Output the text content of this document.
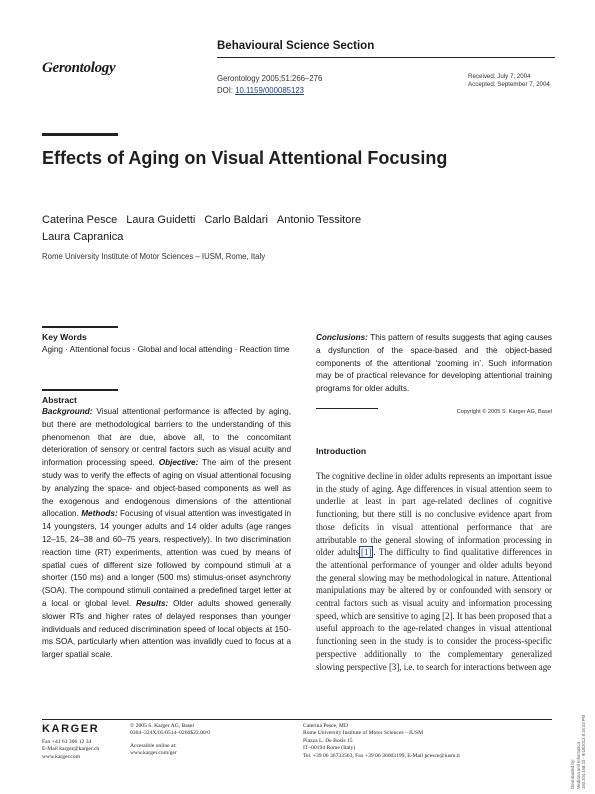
Behavioural Science Section
Gerontology
Gerontology 2005;51:266–276
DOI: 10.1159/000085123
Received: July 7, 2004
Accepted: September 7, 2004
Effects of Aging on Visual Attentional Focusing
Caterina Pesce Laura Guidetti Carlo Baldari Antonio Tessitore
Laura Capranica
Rome University Institute of Motor Sciences – IUSM, Rome, Italy
Key Words
Aging · Attentional focus · Global and local attending · Reaction time
Abstract
Background: Visual attentional performance is affected by aging, but there are methodological barriers to the understanding of this phenomenon that are due, above all, to the concomitant deterioration of sensory or central factors such as visual acuity and information processing speed. Objective: The aim of the present study was to verify the effects of aging on visual attentional focusing by analyzing the space- and object-based components as well as the exogenous and endogenous dimensions of the attentional allocation. Methods: Focusing of visual attention was investigated in 14 youngsters, 14 younger adults and 14 older adults (age ranges 12–15, 24–38 and 60–75 years, respectively). In two discrimination reaction time (RT) experiments, attention was cued by means of spatial cues of different size followed by compound stimuli at a shorter (150 ms) and a longer (500 ms) stimulus-onset asynchrony (SOA). The compound stimuli contained a predefined target letter at a local or global level. Results: Older adults showed generally slower RTs and higher rates of delayed responses than younger individuals and reduced discrimination speed of local objects at 150-ms SOA, particularly when attention was invalidly cued to focus at a larger spatial scale.
Conclusions: This pattern of results suggests that aging causes a dysfunction of the space-based and the object-based components of the attentional ‘zooming in’. Such information may be of practical relevance for developing attentional training programs for older adults.
Copyright © 2005 S. Karger AG, Basel
Introduction
The cognitive decline in older adults represents an important issue in the study of aging. Age differences in visual attention seem to underlie at least in part age-related declines of cognitive functioning, but there still is no conclusive evidence apart from those deficits in visual attentional performance that are attributable to the general slowing of information processing in older adults [1] . The difficulty to find qualitative differences in the attentional performance of younger and older adults beyond the general slowing may be methodological in nature. Attentional manipulations may be altered by or confounded with sensory or central factors such as visual acuity and information processing speed, which are sensitive to aging [2]. It has been proposed that a useful approach to the age-related changes in visual attentional functioning seen in the study is to consider the process-specific perspective additionally to the complementary generalized slowing perspective [3], i.e. to search for interactions between age
KARGER
Fax +41 61 306 12 34
E-Mail karger@karger.ch
www.karger.com
© 2005 S. Karger AG, Basel
0304–324X/05/0514–0266$22.00/0
Accessible online at:
www.karger.com/ger
Caterina Pesce, MD
Rome University Institute of Motor Sciences – IUSM
Piazza L. De Bosis 15
IT–00194 Rome (Italy)
Tel. +39 06 36733563, Fax +39 06 36003199, E-Mail pcesce@iusm.it
Downloaded by: Medicina und Informatica 193.204.168.23 - 9/18/2013 8:16:43 PM
